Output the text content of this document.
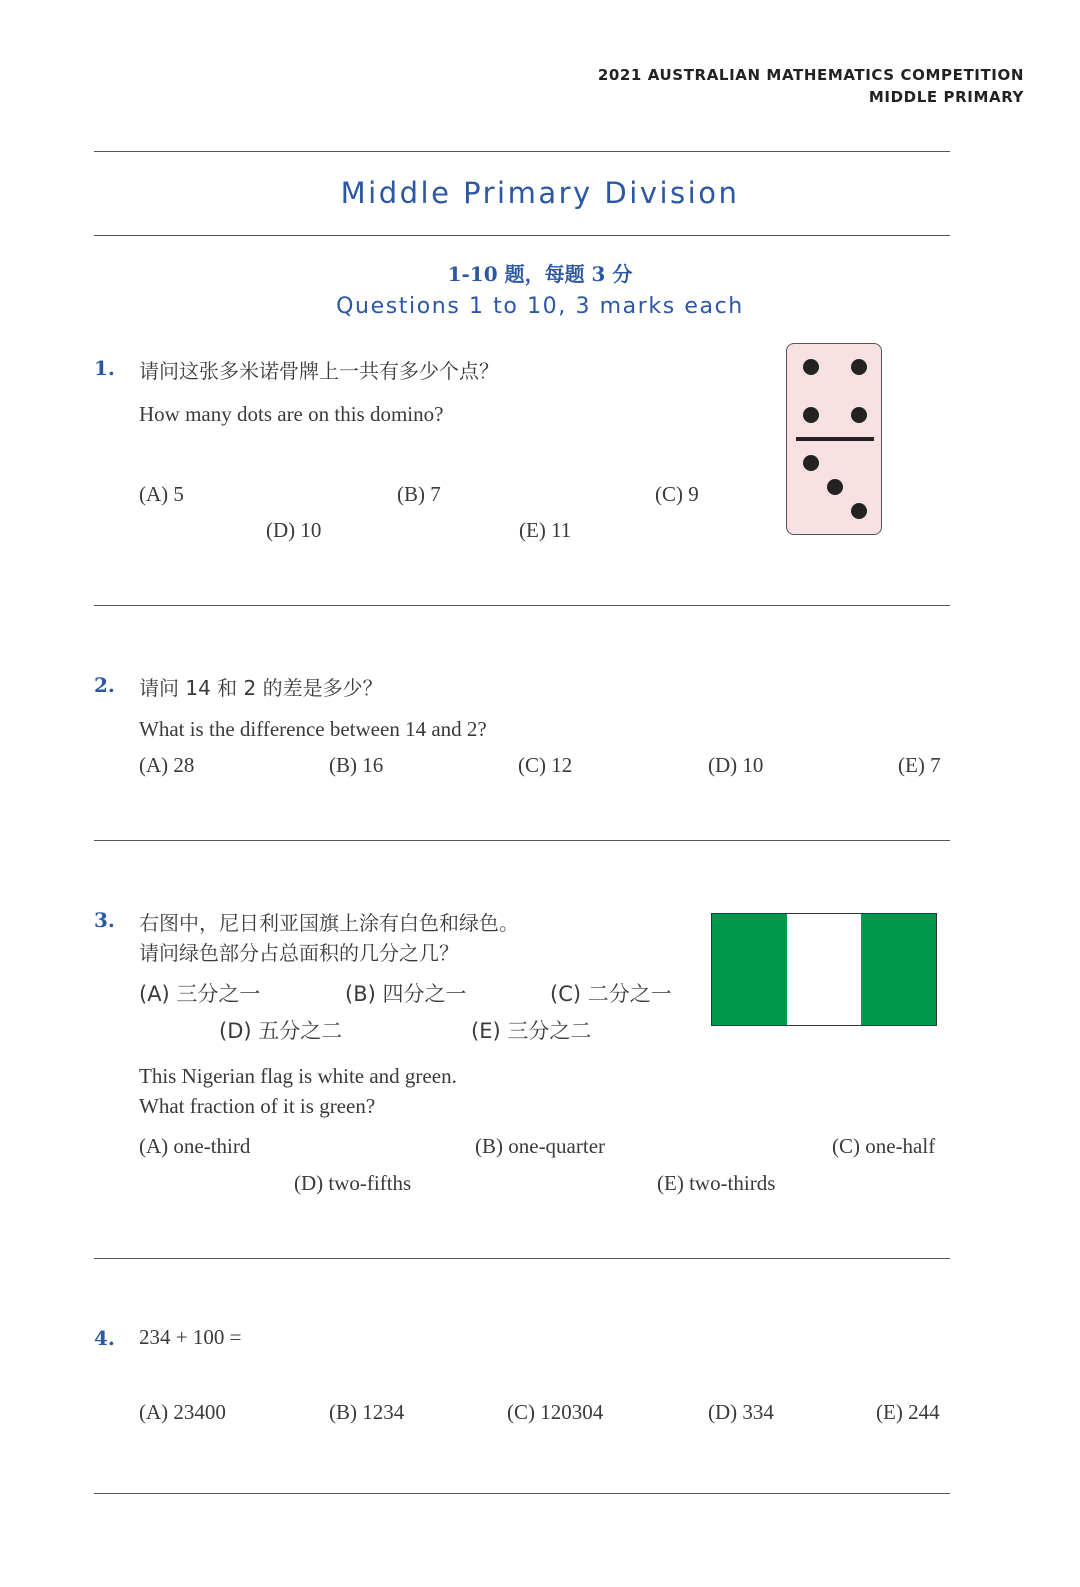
2021 AUSTRALIAN MATHEMATICS COMPETITION
MIDDLE PRIMARY
Middle Primary Division
1-10 题，每题 3 分
Questions 1 to 10, 3 marks each
1. 请问这张多米诺骨牌上一共有多少个点？
How many dots are on this domino?
(A) 5	(B) 7	(C) 9
(D) 10	(E) 11
2. 请问 14 和 2 的差是多少？
What is the difference between 14 and 2?
(A) 28	(B) 16	(C) 12	(D) 10	(E) 7
3. 右图中，尼日利亚国旗上涂有白色和绿色。
请问绿色部分占总面积的几分之几？
(A) 三分之一	(B) 四分之一	(C) 二分之一
(D) 五分之二	(E) 三分之二
This Nigerian flag is white and green.
What fraction of it is green?
(A) one-third	(B) one-quarter	(C) one-half
(D) two-fifths	(E) two-thirds
4. 234 + 100 =
(A) 23400	(B) 1234	(C) 120304	(D) 334	(E) 244
